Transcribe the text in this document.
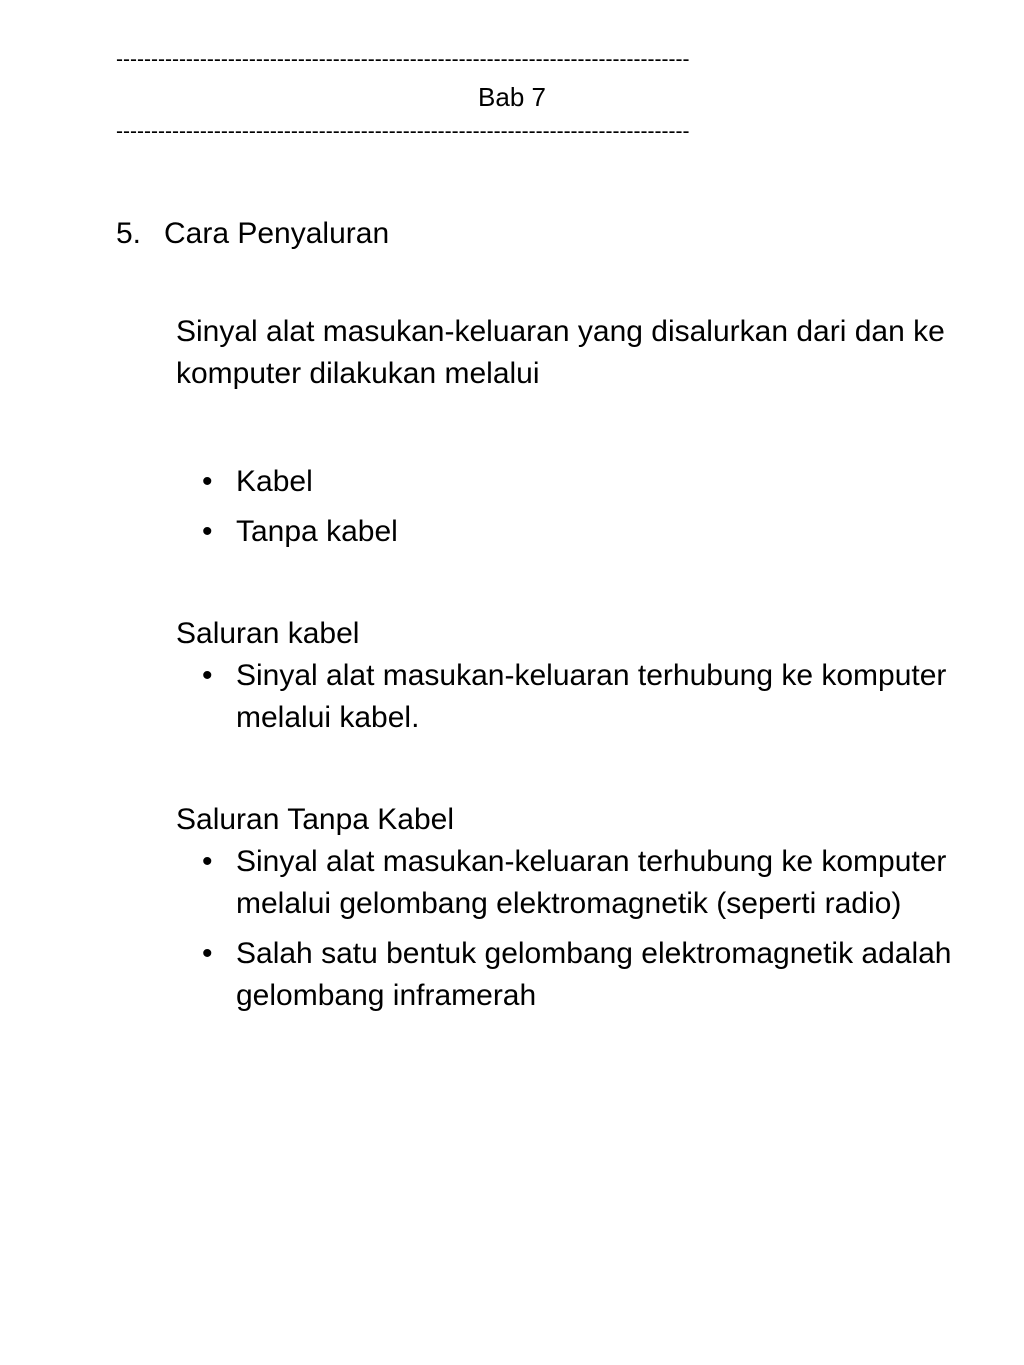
----------------------------------------------------------------------------------
Bab 7
----------------------------------------------------------------------------------
5. Cara Penyaluran

Sinyal alat masukan-keluaran yang disalurkan dari dan ke komputer dilakukan melalui

• Kabel
• Tanpa kabel

Saluran kabel

• Sinyal alat masukan-keluaran terhubung ke komputer melalui kabel.

Saluran Tanpa Kabel

• Sinyal alat masukan-keluaran terhubung ke komputer melalui gelombang elektromagnetik (seperti radio)
• Salah satu bentuk gelombang elektromagnetik adalah gelombang inframerah
